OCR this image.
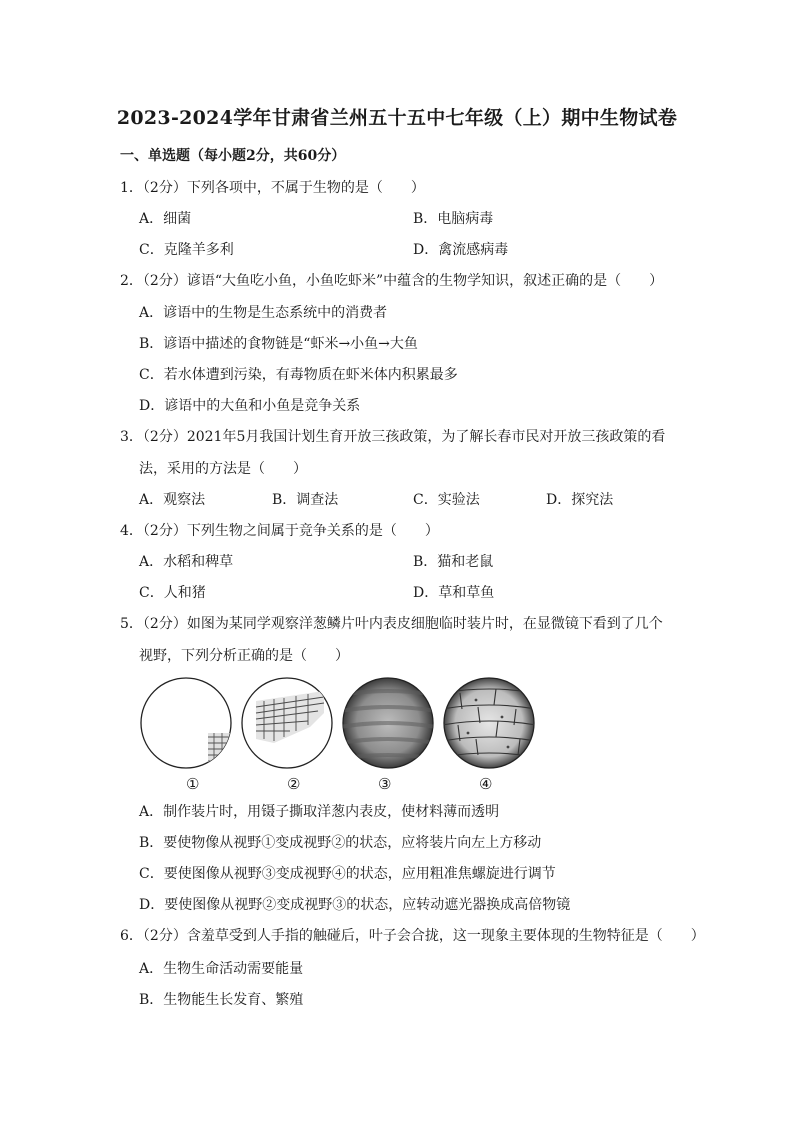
2023-2024学年甘肃省兰州五十五中七年级（上）期中生物试卷
一、单选题（每小题2分，共60分）
1．（2分）下列各项中，不属于生物的是（　　）
A．细菌	B．电脑病毒
C．克隆羊多利	D．禽流感病毒
2．（2分）谚语“大鱼吃小鱼，小鱼吃虾米”中蕴含的生物学知识，叙述正确的是（　　）
A．谚语中的生物是生态系统中的消费者
B．谚语中描述的食物链是“虾米→小鱼→大鱼
C．若水体遭到污染，有毒物质在虾米体内积累最多
D．谚语中的大鱼和小鱼是竞争关系
3．（2分）2021年5月我国计划生育开放三孩政策，为了解长春市民对开放三孩政策的看
法，采用的方法是（　　）
A．观察法	B．调查法	C．实验法	D．探究法
4．（2分）下列生物之间属于竞争关系的是（　　）
A．水稻和稗草	B．猫和老鼠
C．人和猪	D．草和草鱼
5．（2分）如图为某同学观察洋葱鳞片叶内表皮细胞临时装片时，在显微镜下看到了几个
视野，下列分析正确的是（　　）
①	②	③	④
A．制作装片时，用镊子撕取洋葱内表皮，使材料薄而透明
B．要使物像从视野①变成视野②的状态，应将装片向左上方移动
C．要使图像从视野③变成视野④的状态，应用粗准焦螺旋进行调节
D．要使图像从视野②变成视野③的状态，应转动遮光器换成高倍物镜
6．（2分）含羞草受到人手指的触碰后，叶子会合拢，这一现象主要体现的生物特征是（　　）
A．生物生命活动需要能量
B．生物能生长发育、繁殖
